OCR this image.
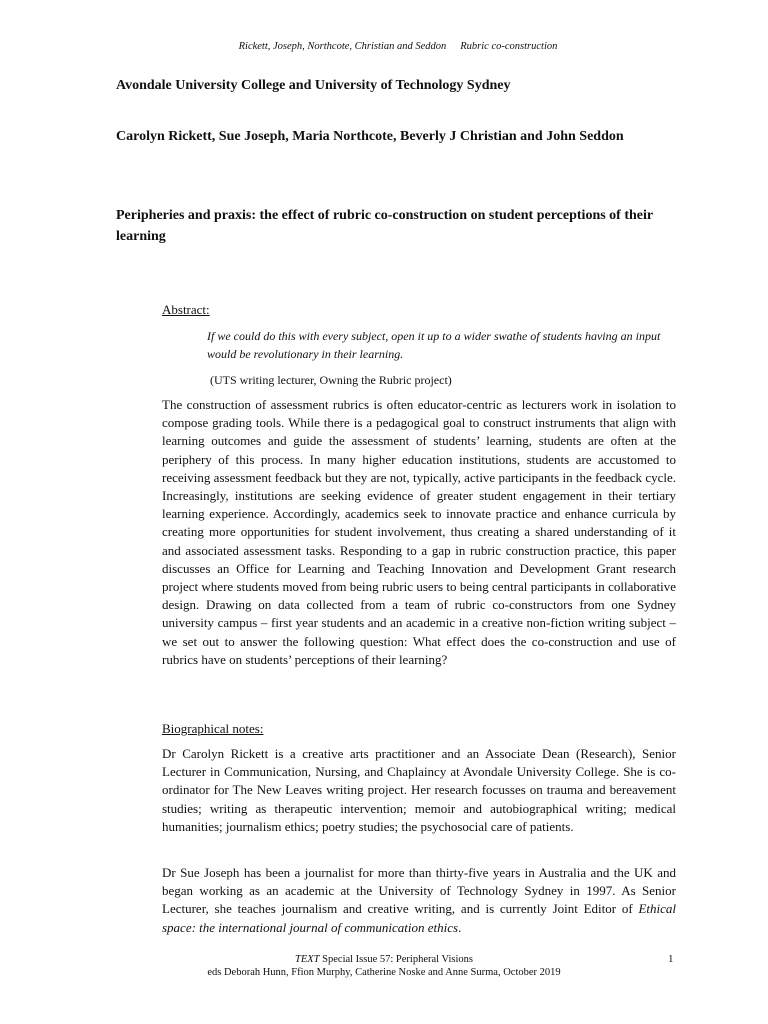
Rickett, Joseph, Northcote, Christian and Seddon Rubric co-construction
Avondale University College and University of Technology Sydney
Carolyn Rickett, Sue Joseph, Maria Northcote, Beverly J Christian and John Seddon
Peripheries and praxis: the effect of rubric co-construction on student perceptions of their learning
Abstract:
If we could do this with every subject, open it up to a wider swathe of students having an input would be revolutionary in their learning.
(UTS writing lecturer, Owning the Rubric project)

The construction of assessment rubrics is often educator-centric as lecturers work in isolation to compose grading tools. While there is a pedagogical goal to construct instruments that align with learning outcomes and guide the assessment of students’ learning, students are often at the periphery of this process. In many higher education institutions, students are accustomed to receiving assessment feedback but they are not, typically, active participants in the feedback cycle. Increasingly, institutions are seeking evidence of greater student engagement in their tertiary learning experience. Accordingly, academics seek to innovate practice and enhance curricula by creating more opportunities for student involvement, thus creating a shared understanding of it and associated assessment tasks. Responding to a gap in rubric construction practice, this paper discusses an Office for Learning and Teaching Innovation and Development Grant research project where students moved from being rubric users to being central participants in collaborative design. Drawing on data collected from a team of rubric co-constructors from one Sydney university campus – first year students and an academic in a creative non-fiction writing subject – we set out to answer the following question: What effect does the co-construction and use of rubrics have on students’ perceptions of their learning?

Biographical notes:

Dr Carolyn Rickett is a creative arts practitioner and an Associate Dean (Research), Senior Lecturer in Communication, Nursing, and Chaplaincy at Avondale University College. She is co-ordinator for The New Leaves writing project. Her research focusses on trauma and bereavement studies; writing as therapeutic intervention; memoir and autobiographical writing; medical humanities; journalism ethics; poetry studies; the psychosocial care of patients.

Dr Sue Joseph has been a journalist for more than thirty-five years in Australia and the UK and began working as an academic at the University of Technology Sydney in 1997. As Senior Lecturer, she teaches journalism and creative writing, and is currently Joint Editor of Ethical space: the international journal of communication ethics.

TEXT Special Issue 57: Peripheral Visions
eds Deborah Hunn, Ffion Murphy, Catherine Noske and Anne Surma, October 2019
1
